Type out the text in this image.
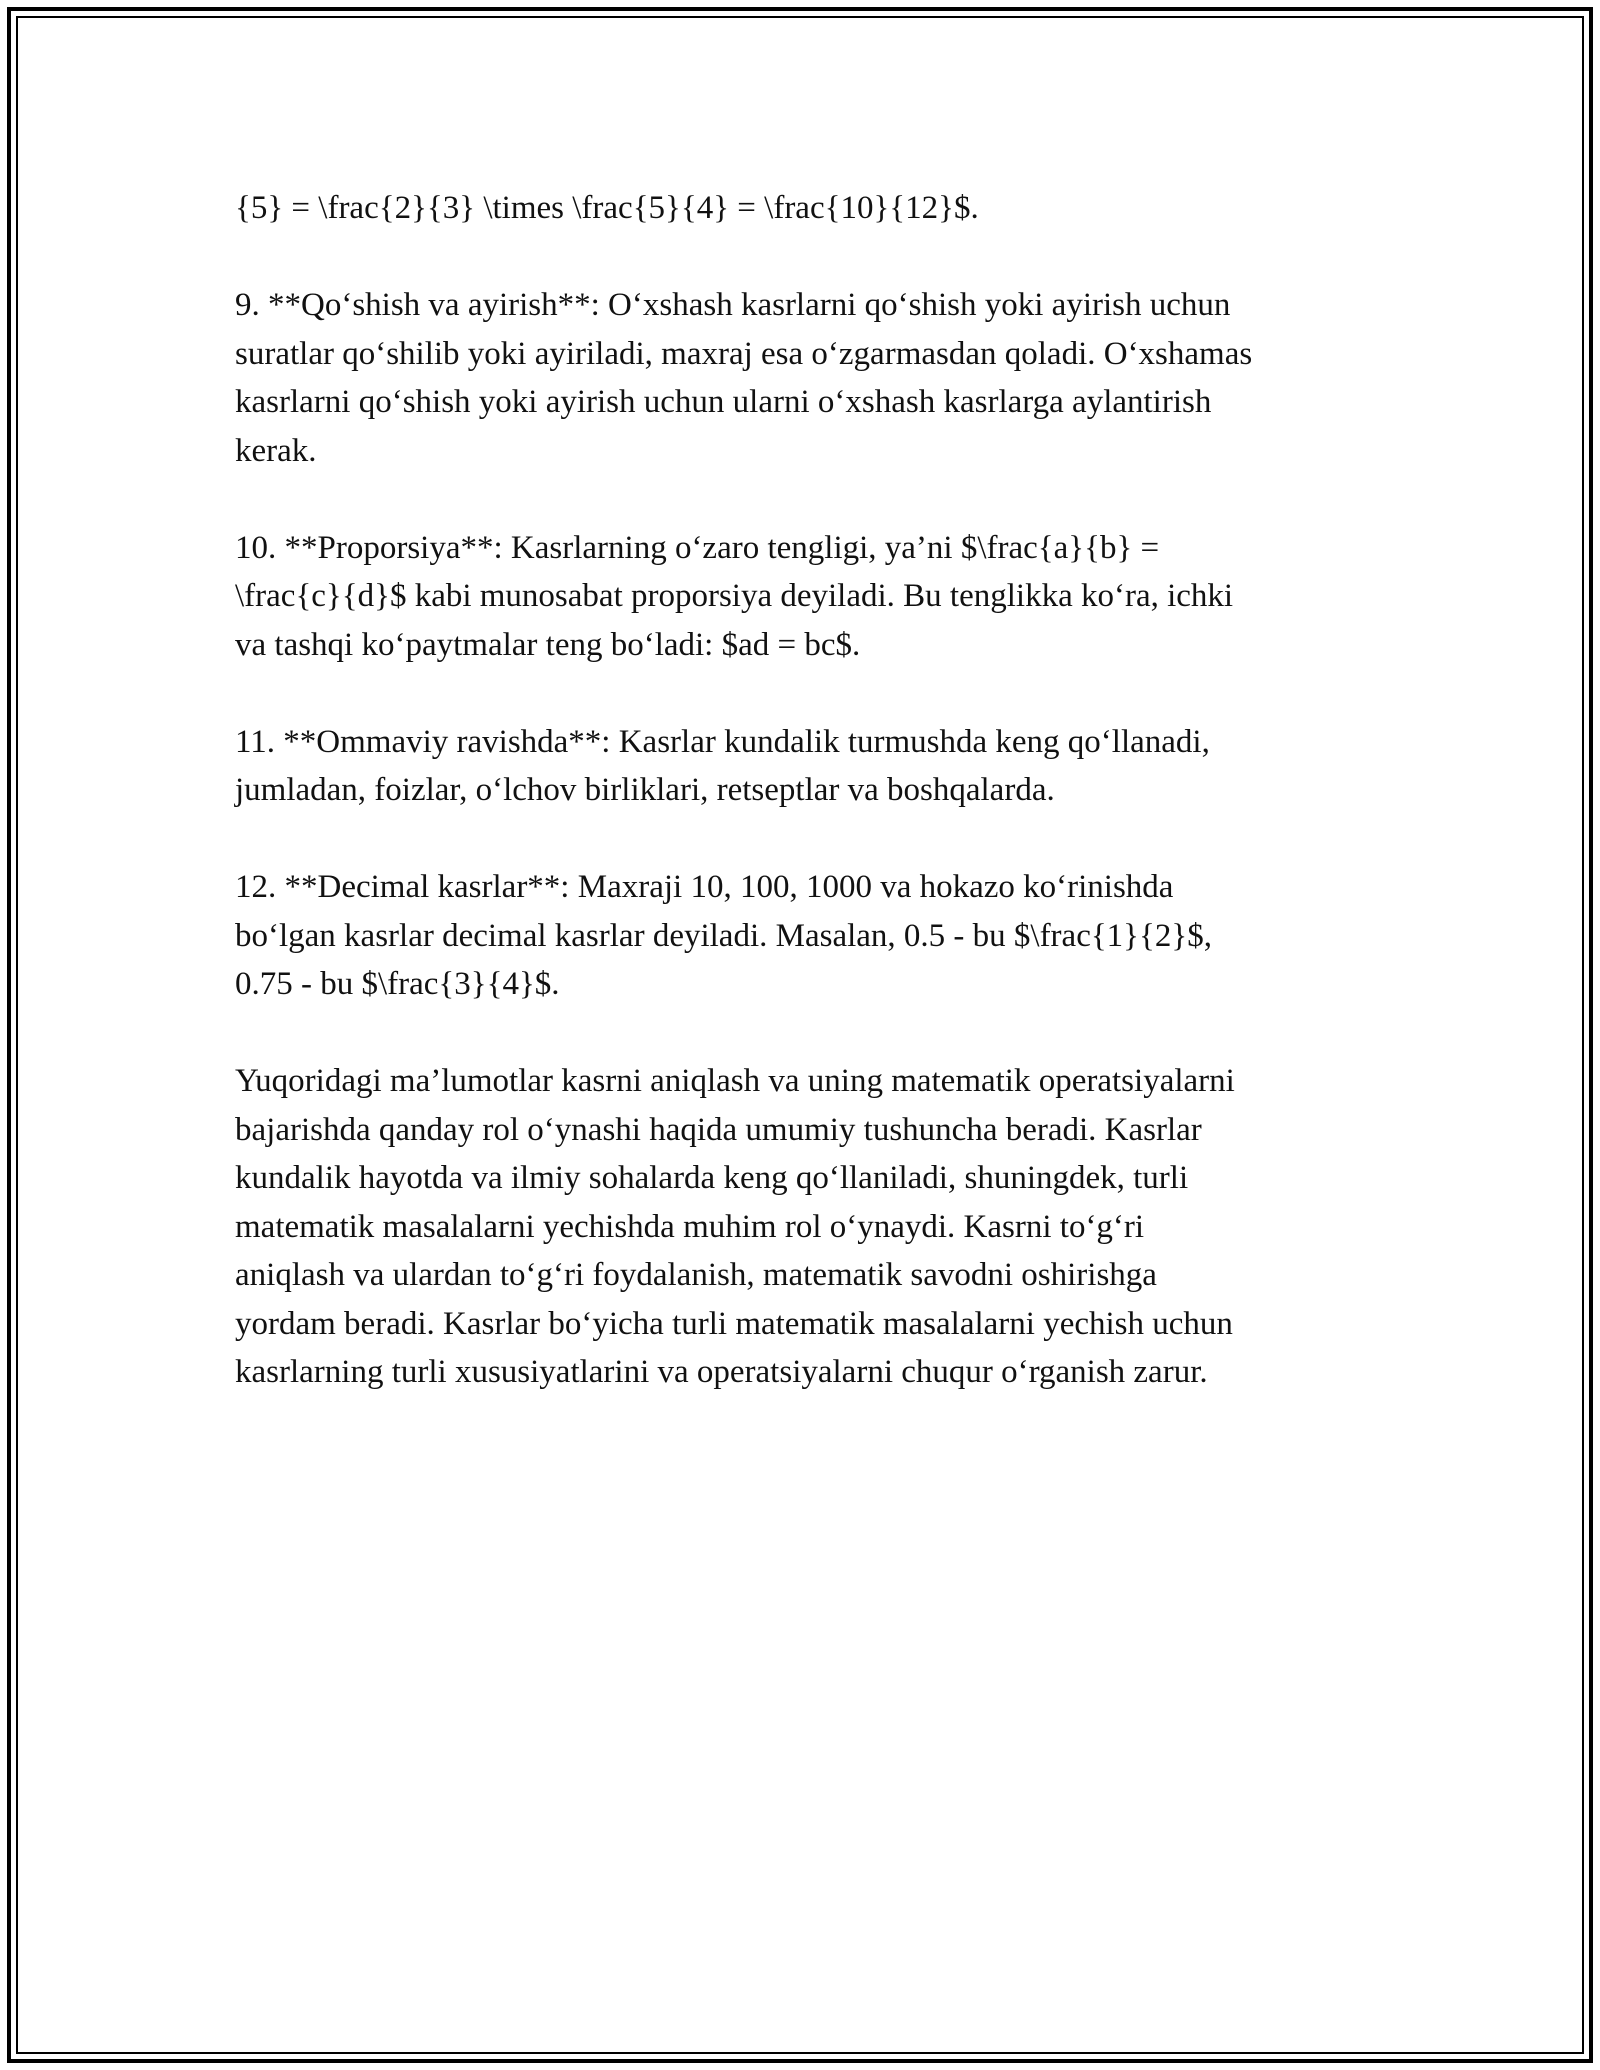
{5} = \frac{2}{3} \times \frac{5}{4} = \frac{10}{12}$.

9. **Qo‘shish va ayirish**: O‘xshash kasrlarni qo‘shish yoki ayirish uchun
suratlar qo‘shilib yoki ayiriladi, maxraj esa o‘zgarmasdan qoladi. O‘xshamas
kasrlarni qo‘shish yoki ayirish uchun ularni o‘xshash kasrlarga aylantirish
kerak.

10. **Proporsiya**: Kasrlarning o‘zaro tengligi, ya’ni $\frac{a}{b} =
\frac{c}{d}$ kabi munosabat proporsiya deyiladi. Bu tenglikka ko‘ra, ichki
va tashqi ko‘paytmalar teng bo‘ladi: $ad = bc$.

11. **Ommaviy ravishda**: Kasrlar kundalik turmushda keng qo‘llanadi,
jumladan, foizlar, o‘lchov birliklari, retseptlar va boshqalarda.

12. **Decimal kasrlar**: Maxraji 10, 100, 1000 va hokazo ko‘rinishda
bo‘lgan kasrlar decimal kasrlar deyiladi. Masalan, 0.5 - bu $\frac{1}{2}$,
0.75 - bu $\frac{3}{4}$.

Yuqoridagi ma’lumotlar kasrni aniqlash va uning matematik operatsiyalarni
bajarishda qanday rol o‘ynashi haqida umumiy tushuncha beradi. Kasrlar
kundalik hayotda va ilmiy sohalarda keng qo‘llaniladi, shuningdek, turli
matematik masalalarni yechishda muhim rol o‘ynaydi. Kasrni to‘g‘ri
aniqlash va ulardan to‘g‘ri foydalanish, matematik savodni oshirishga
yordam beradi. Kasrlar bo‘yicha turli matematik masalalarni yechish uchun
kasrlarning turli xususiyatlarini va operatsiyalarni chuqur o‘rganish zarur.
